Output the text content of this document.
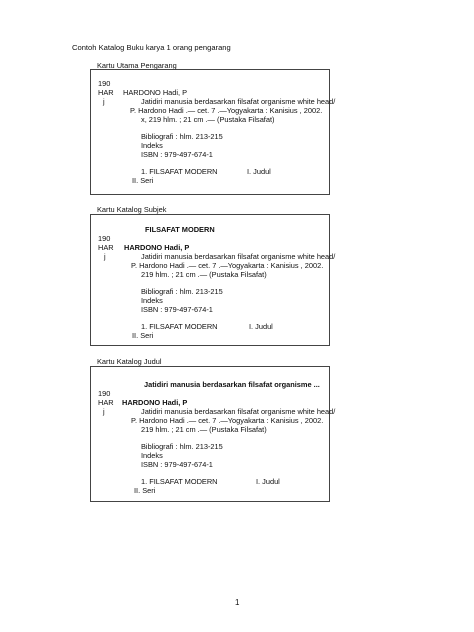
Contoh Katalog Buku karya 1 orang pengarang
Kartu Utama Pengarang
190
HAR HARDONO Hadi, P
j	Jatidiri manusia berdasarkan filsafat organisme white head/
P. Hardono Hadi .— cet. 7 .—Yogyakarta : Kanisius , 2002.
x, 219 hlm. ; 21 cm .— (Pustaka Filsafat)
Bibliografi : hlm. 213-215
Indeks
ISBN : 979-497-674-1
1. FILSAFAT MODERN	I. Judul
II. Seri
Kartu Katalog Subjek
FILSAFAT MODERN
190
HAR HARDONO Hadi, P
j	Jatidiri manusia berdasarkan filsafat organisme white head/
P. Hardono Hadi .— cet. 7 .—Yogyakarta : Kanisius , 2002.
219 hlm. ; 21 cm .— (Pustaka Filsafat)
Bibliografi : hlm. 213-215
Indeks
ISBN : 979-497-674-1
1. FILSAFAT MODERN	I. Judul
II. Seri
Kartu Katalog Judul
Jatidiri manusia berdasarkan filsafat organisme ...
190
HAR HARDONO Hadi, P
j	Jatidiri manusia berdasarkan filsafat organisme white head/
P. Hardono Hadi .— cet. 7 .—Yogyakarta : Kanisius , 2002.
219 hlm. ; 21 cm .— (Pustaka Filsafat)
Bibliografi : hlm. 213-215
Indeks
ISBN : 979-497-674-1
1. FILSAFAT MODERN	I. Judul
II. Seri
1
